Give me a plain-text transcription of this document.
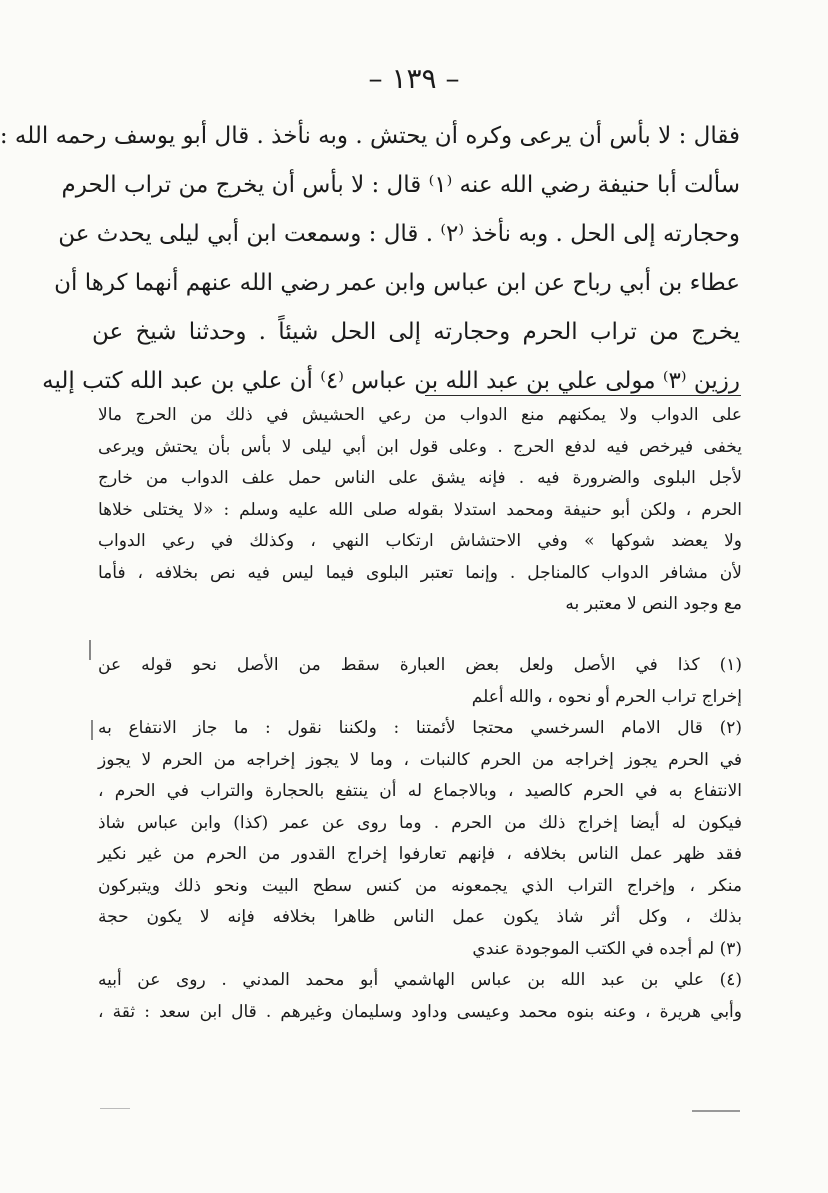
– ١٣٩ –
فقال : لا بأس أن يرعى وكره أن يحتش . وبه نأخذ . قال أبو يوسف رحمه الله :
سألت أبا حنيفة رضي الله عنه ⁽١⁾ قال : لا بأس أن يخرج من تراب الحرم
وحجارته إلى الحل . وبه نأخذ ⁽٢⁾ . قال : وسمعت ابن أبي ليلى يحدث عن
عطاء بن أبي رباح عن ابن عباس وابن عمر رضي الله عنهم أنهما كرها أن
يخرج من تراب الحرم وحجارته إلى الحل شيئاً . وحدثنا شيخ عن
رزين ⁽٣⁾ مولى علي بن عبد الله بن عباس ⁽٤⁾ أن علي بن عبد الله كتب إليه
على الدواب ولا يمكنهم منع الدواب من رعي الحشيش في ذلك من الحرج مالا
يخفى فيرخص فيه لدفع الحرج . وعلى قول ابن أبي ليلى لا بأس بأن يحتش ويرعى
لأجل البلوى والضرورة فيه . فإنه يشق على الناس حمل علف الدواب من خارج
الحرم ، ولكن أبو حنيفة ومحمد استدلا بقوله صلى الله عليه وسلم : «لا يختلى خلاها
ولا يعضد شوكها » وفي الاحتشاش ارتكاب النهي ، وكذلك في رعي الدواب
لأن مشافر الدواب كالمناجل . وإنما تعتبر البلوى فيما ليس فيه نص بخلافه ، فأما
مع وجود النص لا معتبر به
(١) كذا في الأصل ولعل بعض العبارة سقط من الأصل نحو قوله عن
إخراج تراب الحرم أو نحوه ، والله أعلم
(٢) قال الامام السرخسي محتجا لأئمتنا : ولكننا نقول : ما جاز الانتفاع به
في الحرم يجوز إخراجه من الحرم كالنبات ، وما لا يجوز إخراجه من الحرم لا يجوز
الانتفاع به في الحرم كالصيد ، وبالاجماع له أن ينتفع بالحجارة والتراب في الحرم ،
فيكون له أيضا إخراج ذلك من الحرم . وما روى عن عمر (كذا) وابن عباس شاذ
فقد ظهر عمل الناس بخلافه ، فإنهم تعارفوا إخراج القدور من الحرم من غير نكير
منكر ، وإخراج التراب الذي يجمعونه من كنس سطح البيت ونحو ذلك ويتبركون
بذلك ، وكل أثر شاذ يكون عمل الناس ظاهرا بخلافه فإنه لا يكون حجة
(٣) لم أجده في الكتب الموجودة عندي
(٤) علي بن عبد الله بن عباس الهاشمي أبو محمد المدني . روى عن أبيه
وأبي هريرة ، وعنه بنوه محمد وعيسى وداود وسليمان وغيرهم . قال ابن سعد : ثقة ،
